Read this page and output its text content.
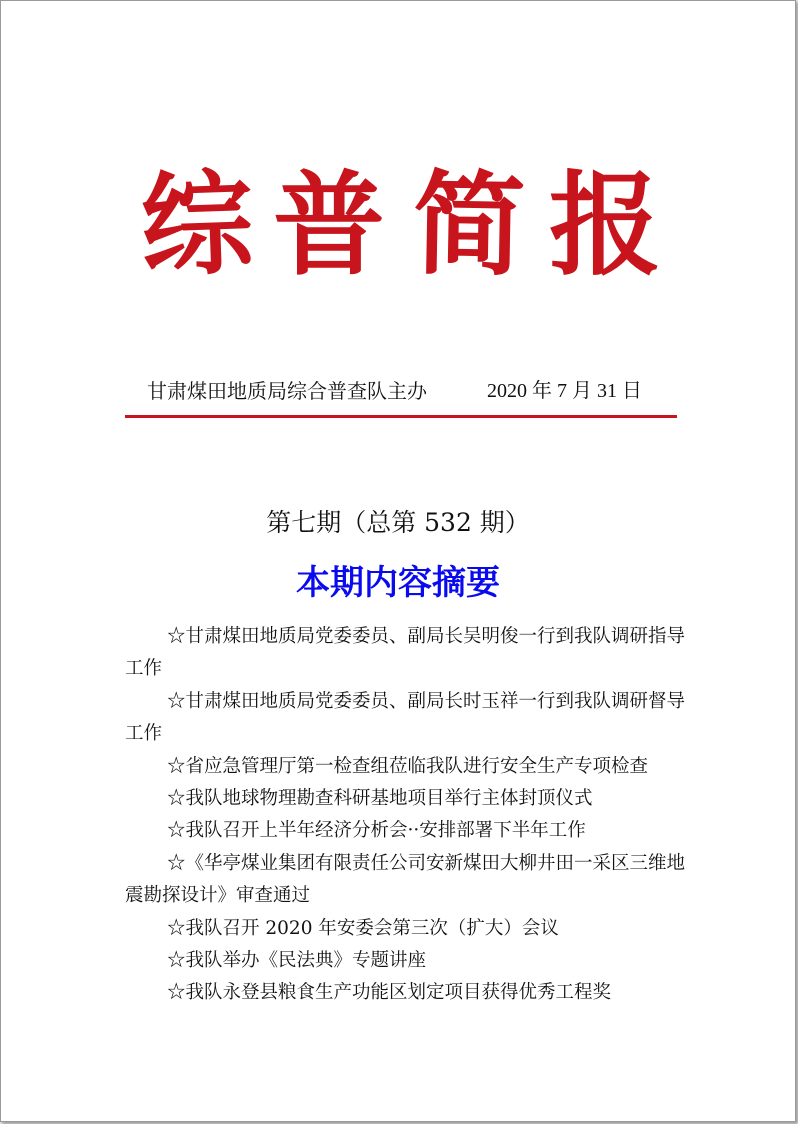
综 普 简 报
甘肃煤田地质局综合普查队主办	2020 年 7 月 31 日
第七期（总第 532 期）
本期内容摘要
☆甘肃煤田地质局党委委员、副局长吴明俊一行到我队调研指导工作
☆甘肃煤田地质局党委委员、副局长时玉祥一行到我队调研督导工作
☆省应急管理厅第一检查组莅临我队进行安全生产专项检查
☆我队地球物理勘查科研基地项目举行主体封顶仪式
☆我队召开上半年经济分析会··安排部署下半年工作
☆《华亭煤业集团有限责任公司安新煤田大柳井田一采区三维地震勘探设计》审查通过
☆我队召开 2020 年安委会第三次（扩大）会议
☆我队举办《民法典》专题讲座
☆我队永登县粮食生产功能区划定项目获得优秀工程奖
